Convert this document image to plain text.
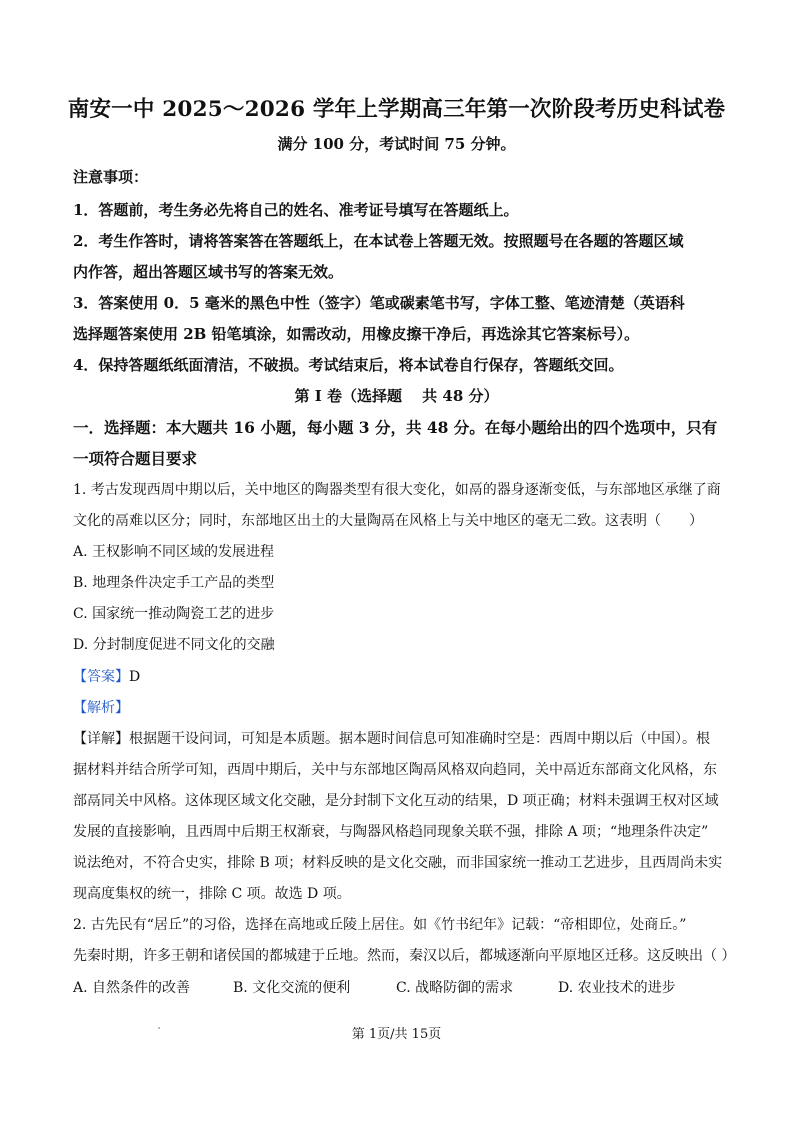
南安一中 2025～2026 学年上学期高三年第一次阶段考历史科试卷
满分 100 分，考试时间 75 分钟。
注意事项：
1．答题前，考生务必先将自己的姓名、准考证号填写在答题纸上。
2．考生作答时，请将答案答在答题纸上，在本试卷上答题无效。按照题号在各题的答题区域
内作答，超出答题区域书写的答案无效。
3．答案使用 0．5 毫米的黑色中性（签字）笔或碳素笔书写，字体工整、笔迹清楚（英语科
选择题答案使用 2B 铅笔填涂，如需改动，用橡皮擦干净后，再选涂其它答案标号）。
4．保持答题纸纸面清洁，不破损。考试结束后，将本试卷自行保存，答题纸交回。
第 I 卷（选择题　 共 48 分）
一．选择题：本大题共 16 小题，每小题 3 分，共 48 分。在每小题给出的四个选项中，只有
一项符合题目要求
1. 考古发现西周中期以后，关中地区的陶器类型有很大变化，如鬲的器身逐渐变低，与东部地区承继了商
文化的鬲难以区分；同时，东部地区出土的大量陶鬲在风格上与关中地区的毫无二致。这表明（　　）
A. 王权影响不同区域的发展进程
B. 地理条件决定手工产品的类型
C. 国家统一推动陶瓷工艺的进步
D. 分封制度促进不同文化的交融
【答案】D
【解析】
【详解】根据题干设问词，可知是本质题。据本题时间信息可知准确时空是：西周中期以后（中国）。根
据材料并结合所学可知，西周中期后，关中与东部地区陶鬲风格双向趋同，关中鬲近东部商文化风格，东
部鬲同关中风格。这体现区域文化交融，是分封制下文化互动的结果，D 项正确；材料未强调王权对区域
发展的直接影响，且西周中后期王权渐衰，与陶器风格趋同现象关联不强，排除 A 项；“地理条件决定”
说法绝对，不符合史实，排除 B 项；材料反映的是文化交融，而非国家统一推动工艺进步，且西周尚未实
现高度集权的统一，排除 C 项。故选 D 项。
2. 古先民有“居丘”的习俗，选择在高地或丘陵上居住。如《竹书纪年》记载：“帝相即位，处商丘。”
先秦时期，许多王朝和诸侯国的都城建于丘地。然而，秦汉以后，都城逐渐向平原地区迁移。这反映出（ ）
A. 自然条件的改善	B. 文化交流的便利	C. 战略防御的需求	D. 农业技术的进步
第 1页/共 15页
